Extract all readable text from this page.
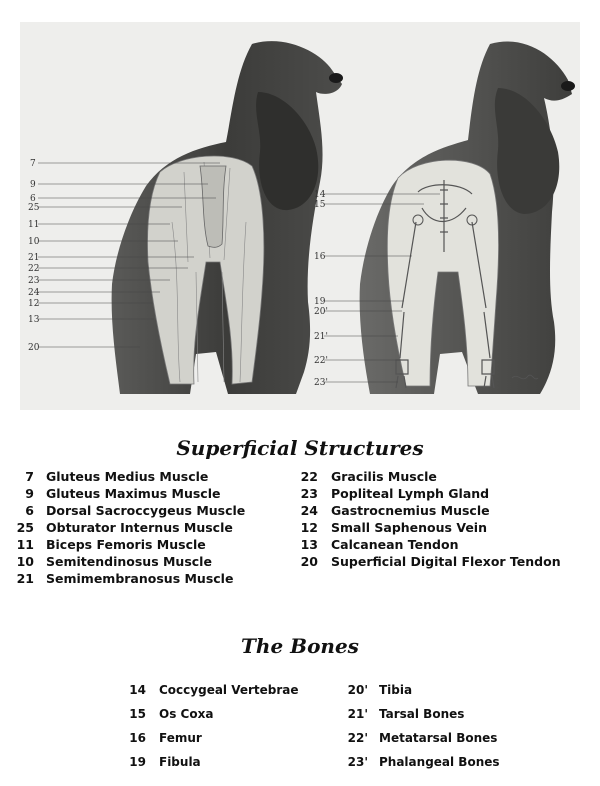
7
9
6
25
11
10
21
22
23
24
12
13
20
14
15
16
19
20'
21'
22'
23'
Superficial Structures
7 Gluteus Medius Muscle
9 Gluteus Maximus Muscle
6 Dorsal Sacroccygeus Muscle
25 Obturator Internus Muscle
11 Biceps Femoris Muscle
10 Semitendinosus Muscle
21 Semimembranosus Muscle
22 Gracilis Muscle
23 Popliteal Lymph Gland
24 Gastrocnemius Muscle
12 Small Saphenous Vein
13 Calcanean Tendon
20 Superficial Digital Flexor Tendon
The Bones
14 Coccygeal Vertebrae
15 Os Coxa
16 Femur
19 Fibula
20' Tibia
21' Tarsal Bones
22' Metatarsal Bones
23' Phalangeal Bones
